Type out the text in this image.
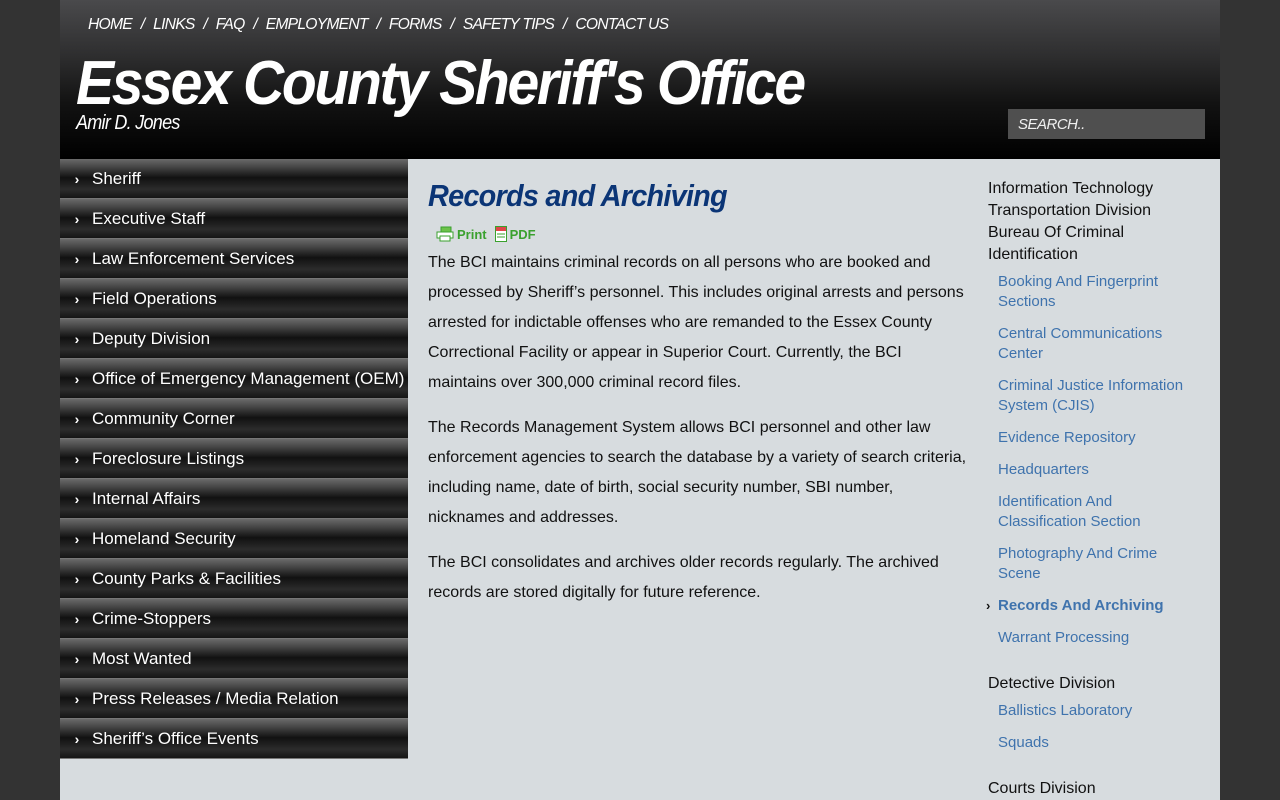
HOME / LINKS / FAQ / EMPLOYMENT / FORMS / SAFETY TIPS / CONTACT US
Essex County Sheriff's Office
Amir D. Jones
SEARCH..
› Sheriff
› Executive Staff
› Law Enforcement Services
› Field Operations
› Deputy Division
› Office of Emergency Management (OEM)
› Community Corner
› Foreclosure Listings
› Internal Affairs
› Homeland Security
› County Parks & Facilities
› Crime-Stoppers
› Most Wanted
› Press Releases / Media Relation
› Sheriff’s Office Events
Records and Archiving
Print PDF

The BCI maintains criminal records on all persons who are booked and processed by Sheriff’s personnel. This includes original arrests and persons arrested for indictable offenses who are remanded to the Essex County Correctional Facility or appear in Superior Court. Currently, the BCI maintains over 300,000 criminal record files.

The Records Management System allows BCI personnel and other law enforcement agencies to search the database by a variety of search criteria, including name, date of birth, social security number, SBI number, nicknames and addresses.

The BCI consolidates and archives older records regularly. The archived records are stored digitally for future reference.

Information Technology
Transportation Division
Bureau Of Criminal Identification
Booking And Fingerprint Sections
Central Communications Center
Criminal Justice Information System (CJIS)
Evidence Repository
Headquarters
Identification And Classification Section
Photography And Crime Scene
› Records And Archiving
Warrant Processing
Detective Division
Ballistics Laboratory
Squads
Courts Division
